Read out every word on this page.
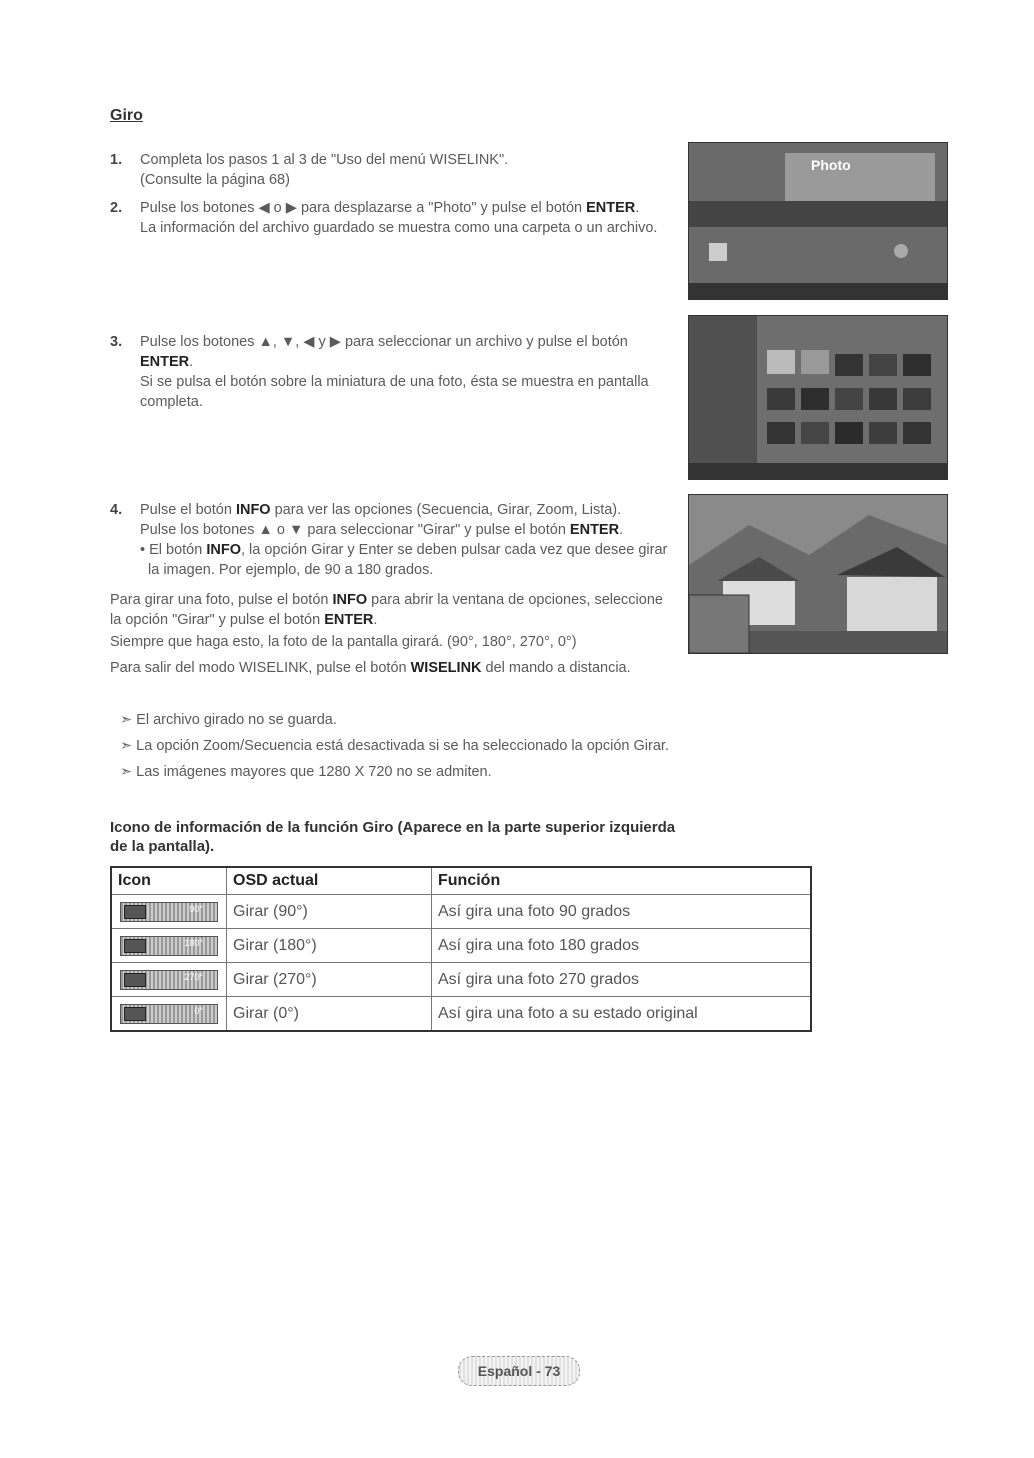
Giro
1. Completa los pasos 1 al 3 de "Uso del menú WISELINK".
(Consulte la página 68)
2. Pulse los botones ◀ o ▶ para desplazarse a "Photo" y pulse el botón ENTER.
La información del archivo guardado se muestra como una carpeta o un archivo.
3. Pulse los botones ▲, ▼, ◀ y ▶ para seleccionar un archivo y pulse el botón
ENTER.
Si se pulsa el botón sobre la miniatura de una foto, ésta se muestra en pantalla
completa.
4. Pulse el botón INFO para ver las opciones (Secuencia, Girar, Zoom, Lista).
Pulse los botones ▲ o ▼ para seleccionar "Girar" y pulse el botón ENTER.
• El botón INFO, la opción Girar y Enter se deben pulsar cada vez que desee girar
la imagen. Por ejemplo, de 90 a 180 grados.
Para girar una foto, pulse el botón INFO para abrir la ventana de opciones, seleccione
la opción "Girar" y pulse el botón ENTER.
Siempre que haga esto, la foto de la pantalla girará. (90°, 180°, 270°, 0°)
Para salir del modo WISELINK, pulse el botón WISELINK del mando a distancia.
➣ El archivo girado no se guarda.
➣ La opción Zoom/Secuencia está desactivada si se ha seleccionado la opción Girar.
➣ Las imágenes mayores que 1280 X 720 no se admiten.
Icono de información de la función Giro (Aparece en la parte superior izquierda de la pantalla).
Icon	OSD actual	Función

90°	Girar (90°)	Así gira una foto 90 grados

180°	Girar (180°)	Así gira una foto 180 grados

270°	Girar (270°)	Así gira una foto 270 grados

0°	Girar (0°)	Así gira una foto a su estado original
Photo
Español - 73
